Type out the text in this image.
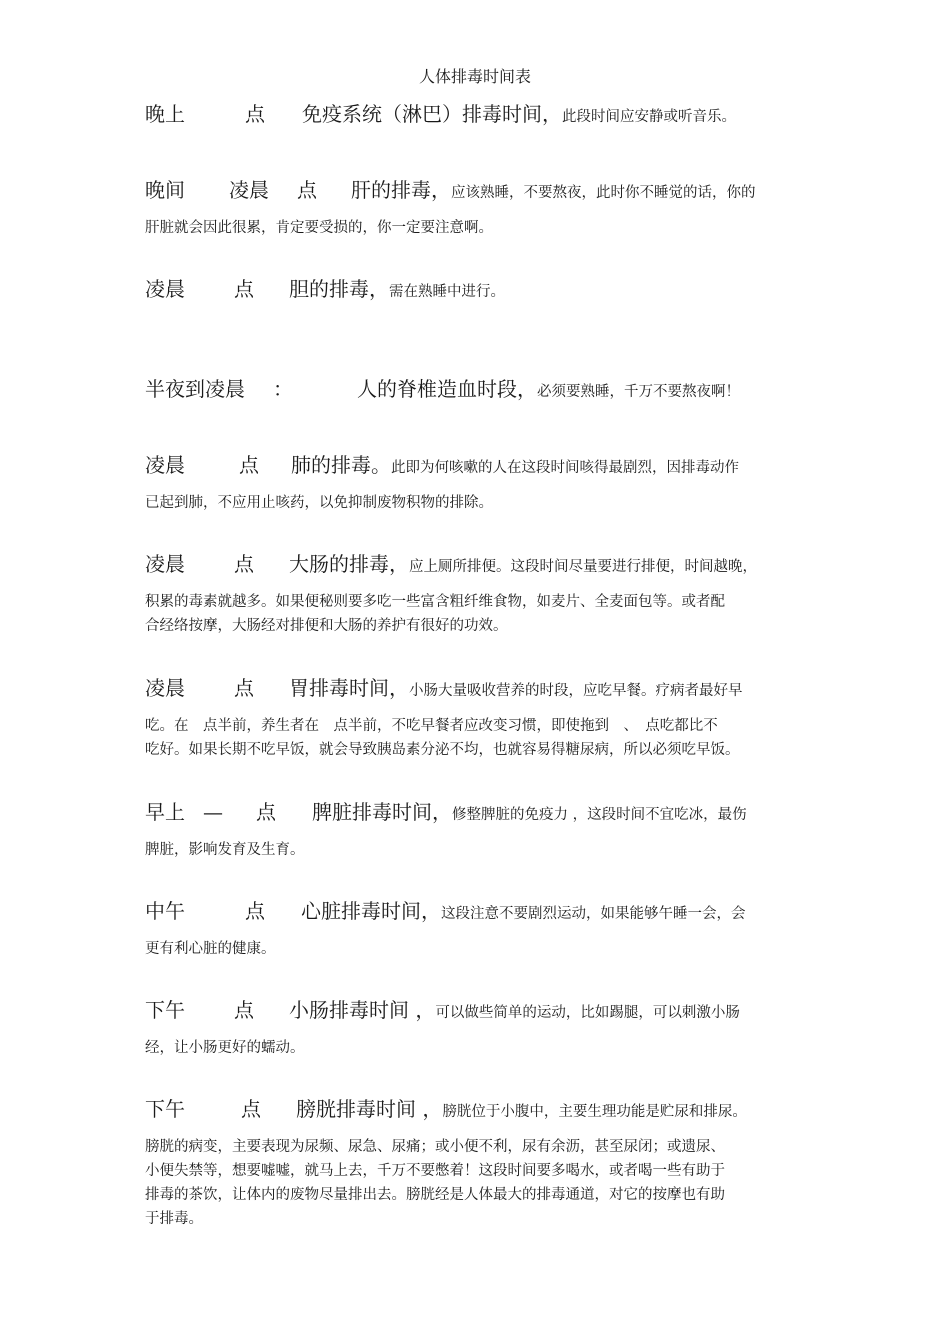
人体排毒时间表
晚上	点 免疫系统（淋巴）排毒时间，此段时间应安静或听音乐。
晚间 凌晨 点 肝的排毒，应该熟睡，不要熬夜，此时你不睡觉的话，你的
肝脏就会因此很累，肯定要受损的，你一定要注意啊。
凌晨 点 胆的排毒，需在熟睡中进行。
半夜到凌晨 ：	人的脊椎造血时段，必须要熟睡，千万不要熬夜啊！
凌晨	点 肺的排毒。此即为何咳嗽的人在这段时间咳得最剧烈，因排毒动作
已起到肺，不应用止咳药，以免抑制废物积物的排除。
凌晨 点 大肠的排毒，应上厕所排便。这段时间尽量要进行排便，时间越晚，
积累的毒素就越多。如果便秘则要多吃一些富含粗纤维食物，如麦片、全麦面包等。或者配
合经络按摩，大肠经对排便和大肠的养护有很好的功效。
凌晨 点 胃排毒时间，小肠大量吸收营养的时段，应吃早餐。疗病者最好早
吃。在　点半前，养生者在　点半前，不吃早餐者应改变习惯，即使拖到　、　点吃都比不
吃好。如果长期不吃早饭，就会导致胰岛素分泌不均，也就容易得糖尿病，所以必须吃早饭。
早上 — 点 脾脏排毒时间，修整脾脏的免疫力 ，这段时间不宜吃冰，最伤
脾脏，影响发育及生育。
中午	点 心脏排毒时间，这段注意不要剧烈运动，如果能够午睡一会，会
更有利心脏的健康。
下午 点 小肠排毒时间 ，可以做些简单的运动，比如踢腿，可以刺激小肠
经，让小肠更好的蠕动。
下午	点 膀胱排毒时间 ，膀胱位于小腹中，主要生理功能是贮尿和排尿。
膀胱的病变，主要表现为尿频、尿急、尿痛；或小便不利，尿有余沥，甚至尿闭；或遗尿、
小便失禁等，想要嘘嘘，就马上去，千万不要憋着！这段时间要多喝水，或者喝一些有助于
排毒的茶饮，让体内的废物尽量排出去。膀胱经是人体最大的排毒通道，对它的按摩也有助
于排毒。
